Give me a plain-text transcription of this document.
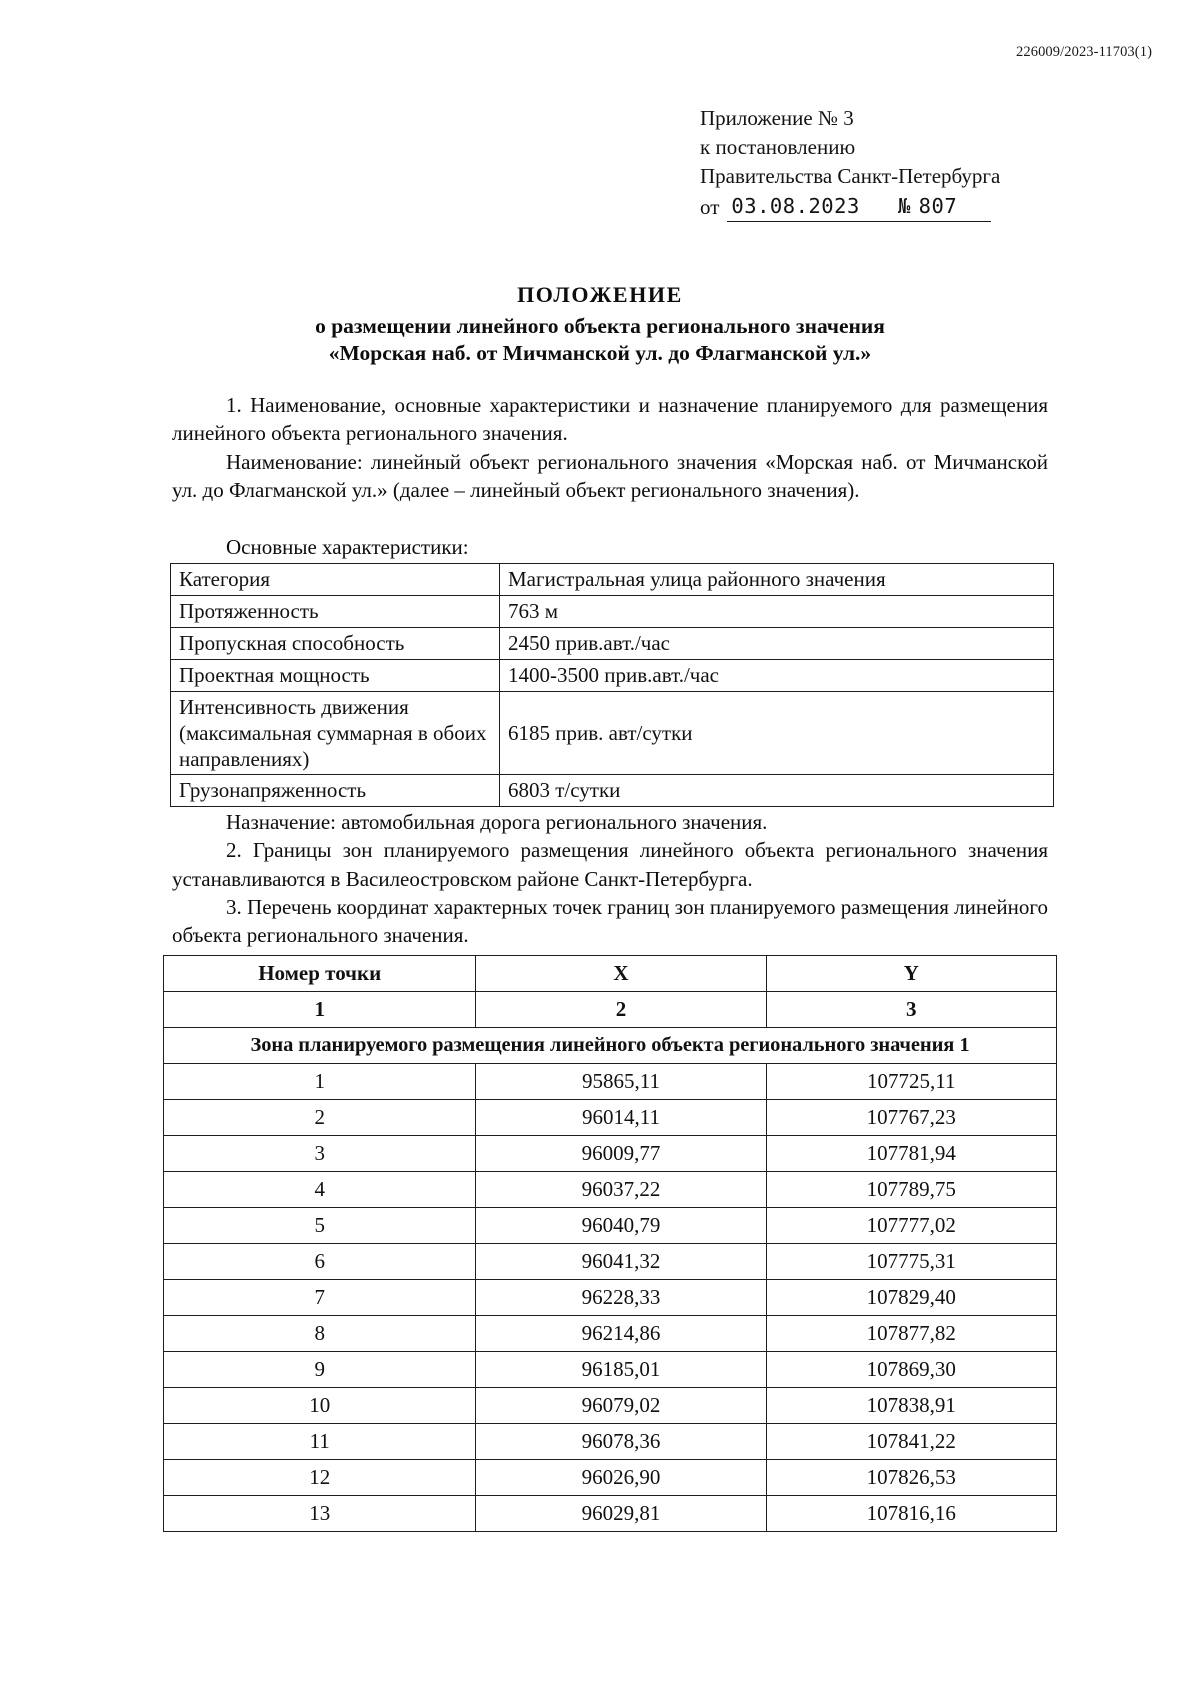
226009/2023-11703(1)
Приложение № 3
к постановлению
Правительства Санкт-Петербурга
от 03.08.2023 № 807
ПОЛОЖЕНИЕ
о размещении линейного объекта регионального значения
«Морская наб. от Мичманской ул. до Флагманской ул.»

1. Наименование, основные характеристики и назначение планируемого для размещения линейного объекта регионального значения.

Наименование: линейный объект регионального значения «Морская наб. от Мичманской ул. до Флагманской ул.» (далее – линейный объект регионального значения).

Основные характеристики:

Категория	Магистральная улица районного значения
Протяженность	763 м
Пропускная способность	2450 прив.авт./час
Проектная мощность	1400-3500 прив.авт./час
Интенсивность движения (максимальная суммарная в обоих направлениях)	6185 прив. авт/сутки
Грузонапряженность	6803 т/сутки

Назначение: автомобильная дорога регионального значения.

2. Границы зон планируемого размещения линейного объекта регионального значения устанавливаются в Василеостровском районе Санкт-Петербурга.

3. Перечень координат характерных точек границ зон планируемого размещения линейного объекта регионального значения.

Номер точки	X	Y
1	2	3
Зона планируемого размещения линейного объекта регионального значения 1		
1	95865,11	107725,11
2	96014,11	107767,23
3	96009,77	107781,94
4	96037,22	107789,75
5	96040,79	107777,02
6	96041,32	107775,31
7	96228,33	107829,40
8	96214,86	107877,82
9	96185,01	107869,30
10	96079,02	107838,91
11	96078,36	107841,22
12	96026,90	107826,53
13	96029,81	107816,16
